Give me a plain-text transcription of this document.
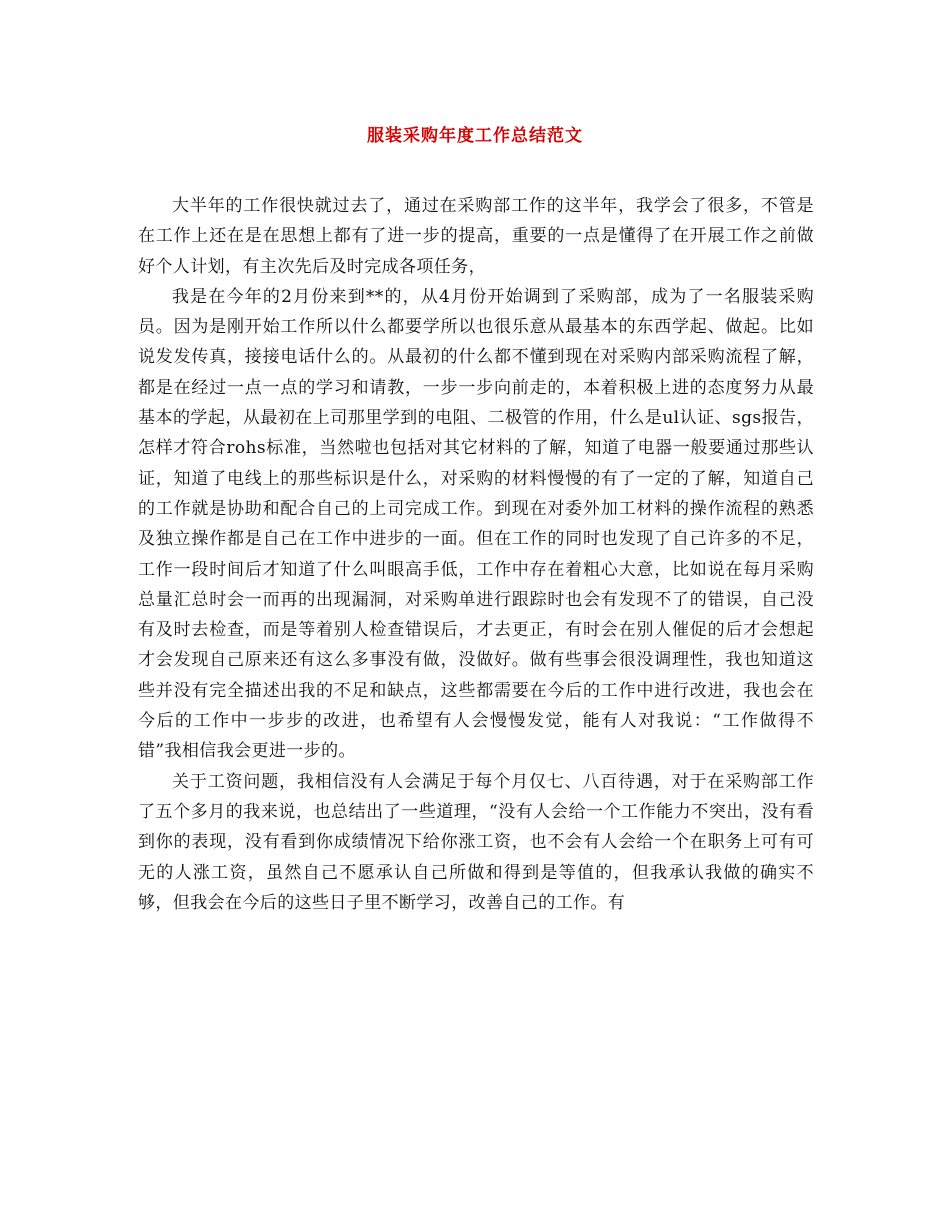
服装采购年度工作总结范文

大半年的工作很快就过去了，通过在采购部工作的这半年，我学会了很多，不管是在工作上还在是在思想上都有了进一步的提高，重要的一点是懂得了在开展工作之前做好个人计划，有主次先后及时完成各项任务，

我是在今年的2月份来到**的，从4月份开始调到了采购部，成为了一名服装采购员。因为是刚开始工作所以什么都要学所以也很乐意从最基本的东西学起、做起。比如说发发传真，接接电话什么的。从最初的什么都不懂到现在对采购内部采购流程了解，都是在经过一点一点的学习和请教，一步一步向前走的，本着积极上进的态度努力从最基本的学起，从最初在上司那里学到的电阻、二极管的作用，什么是ul认证、sgs报告，怎样才符合rohs标准，当然啦也包括对其它材料的了解，知道了电器一般要通过那些认证，知道了电线上的那些标识是什么，对采购的材料慢慢的有了一定的了解，知道自己的工作就是协助和配合自己的上司完成工作。到现在对委外加工材料的操作流程的熟悉及独立操作都是自己在工作中进步的一面。但在工作的同时也发现了自己许多的不足，工作一段时间后才知道了什么叫眼高手低，工作中存在着粗心大意，比如说在每月采购总量汇总时会一而再的出现漏洞，对采购单进行跟踪时也会有发现不了的错误，自己没有及时去检查，而是等着别人检查错误后，才去更正，有时会在别人催促的后才会想起才会发现自己原来还有这么多事没有做，没做好。做有些事会很没调理性，我也知道这些并没有完全描述出我的不足和缺点，这些都需要在今后的工作中进行改进，我也会在今后的工作中一步步的改进，也希望有人会慢慢发觉，能有人对我说：“工作做得不错”我相信我会更进一步的。

关于工资问题，我相信没有人会满足于每个月仅七、八百待遇，对于在采购部工作了五个多月的我来说，也总结出了一些道理，“没有人会给一个工作能力不突出，没有看到你的表现，没有看到你成绩情况下给你涨工资，也不会有人会给一个在职务上可有可无的人涨工资，虽然自己不愿承认自己所做和得到是等值的，但我承认我做的确实不够，但我会在今后的这些日子里不断学习，改善自己的工作。有
